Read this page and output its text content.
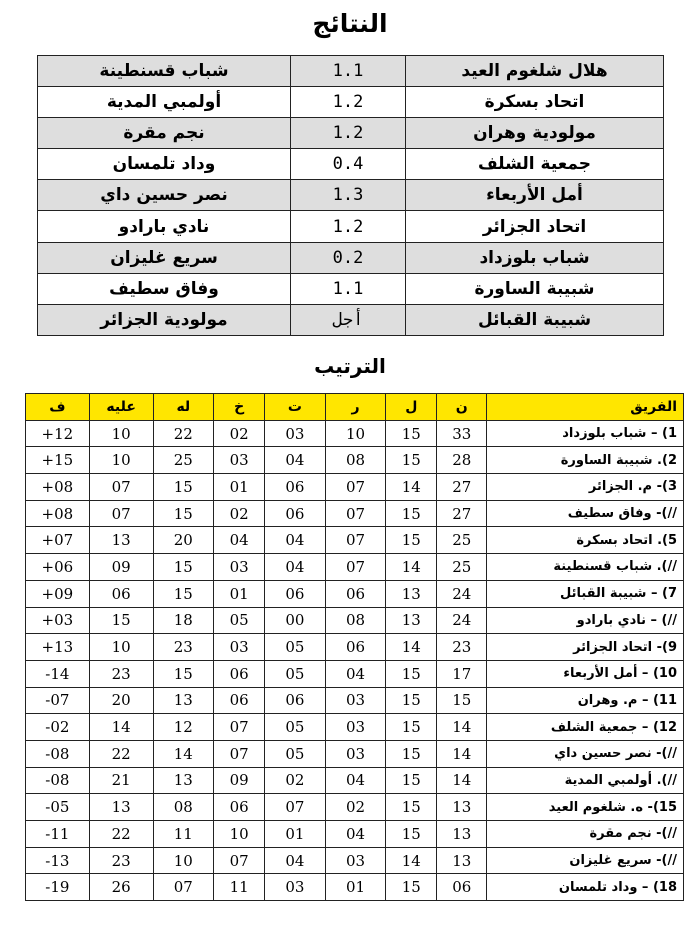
النتائج
شباب قسنطينة	1.1	هلال شلغوم العيد
أولمبي المدية	1.2	اتحاد بسكرة
نجم مقرة	1.2	مولودية وهران
وداد تلمسان	0.4	جمعية الشلف
نصر حسين داي	1.3	أمل الأربعاء
نادي بارادو	1.2	اتحاد الجزائر
سريع غليزان	0.2	شباب بلوزداد
وفاق سطيف	1.1	شبيبة الساورة
مولودية الجزائر	أجل	شبيبة القبائل
الترتيب
ف	عليه	له	خ	ت	ر	ل	ن	الفريق
+12	10	22	02	03	10	15	33	1) – شباب بلوزداد
+15	10	25	03	04	08	15	28	2). شبيبة الساورة
+08	07	15	01	06	07	14	27	3)- م. الجزائر
+08	07	15	02	06	07	15	27	//)- وفاق سطيف
+07	13	20	04	04	07	15	25	5). اتحاد بسكرة
+06	09	15	03	04	07	14	25	//). شباب قسنطينة
+09	06	15	01	06	06	13	24	7) – شبيبة القبائل
+03	15	18	05	00	08	13	24	//) – نادي بارادو
+13	10	23	03	05	06	14	23	9)- اتحاد الجزائر
-14	23	15	06	05	04	15	17	10) – أمل الأربعاء
-07	20	13	06	06	03	15	15	11) – م. وهران
-02	14	12	07	05	03	15	14	12) – جمعية الشلف
-08	22	14	07	05	03	15	14	//)- نصر حسين داي
-08	21	13	09	02	04	15	14	//). أولمبي المدية
-05	13	08	06	07	02	15	13	15)- ه. شلغوم العيد
-11	22	11	10	01	04	15	13	//)- نجم مقرة
-13	23	10	07	04	03	14	13	//)- سريع غليزان
-19	26	07	11	03	01	15	06	18) – وداد تلمسان
